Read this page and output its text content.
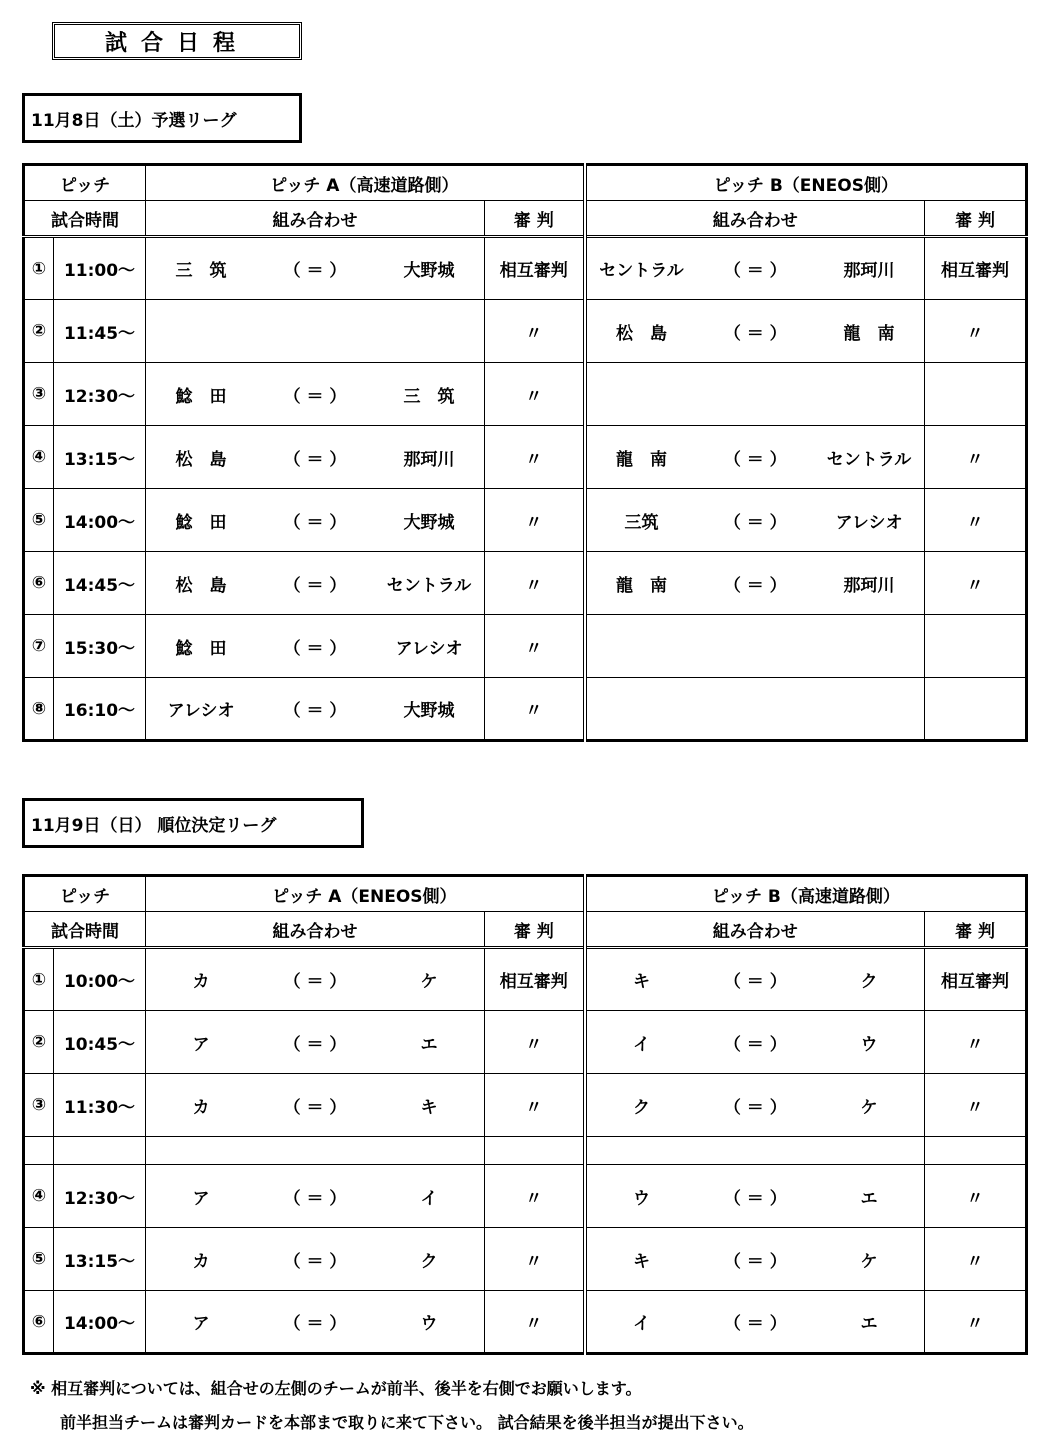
試合日程
11月8日（土）予選リーグ
ピッチ		ピッチ A（高速道路側）		ピッチ B（ENEOS側）	
試合時間		組み合わせ	審 判	組み合わせ	審 判
①	11:00～	三　筑 （ ＝ ） 大野城	相互審判	セントラル （ ＝ ） 那珂川	相互審判
②	11:45～		〃	松　島 （ ＝ ） 龍　南	〃
③	12:30～	鯰　田 （ ＝ ） 三　筑	〃	

④	13:15～	松　島 （ ＝ ） 那珂川	〃	龍　南 （ ＝ ） セントラル	〃
⑤	14:00～	鯰　田 （ ＝ ） 大野城	〃	三筑 （ ＝ ） アレシオ	〃
⑥	14:45～	松　島 （ ＝ ） セントラル	〃	龍　南 （ ＝ ） 那珂川	〃
⑦	15:30～	鯰　田 （ ＝ ） アレシオ	〃	

⑧	16:10～	アレシオ （ ＝ ） 大野城	〃	

11月9日（日） 順位決定リーグ
ピッチ		ピッチ A（ENEOS側）		ピッチ B（高速道路側）	
試合時間		組み合わせ	審 判	組み合わせ	審 判
①	10:00～	カ （ ＝ ） ケ	相互審判	キ （ ＝ ） ク	相互審判
②	10:45～	ア （ ＝ ） エ	〃	イ （ ＝ ） ウ	〃
③	11:30～	カ （ ＝ ） キ	〃	ク （ ＝ ） ケ	〃

④	12:30～	ア （ ＝ ） イ	〃	ウ （ ＝ ） エ	〃
⑤	13:15～	カ （ ＝ ） ク	〃	キ （ ＝ ） ケ	〃
⑥	14:00～	ア （ ＝ ） ウ	〃	イ （ ＝ ） エ	〃
※ 相互審判については、組合せの左側のチームが前半、後半を右側でお願いします。
前半担当チームは審判カードを本部まで取りに来て下さい。 試合結果を後半担当が提出下さい。
